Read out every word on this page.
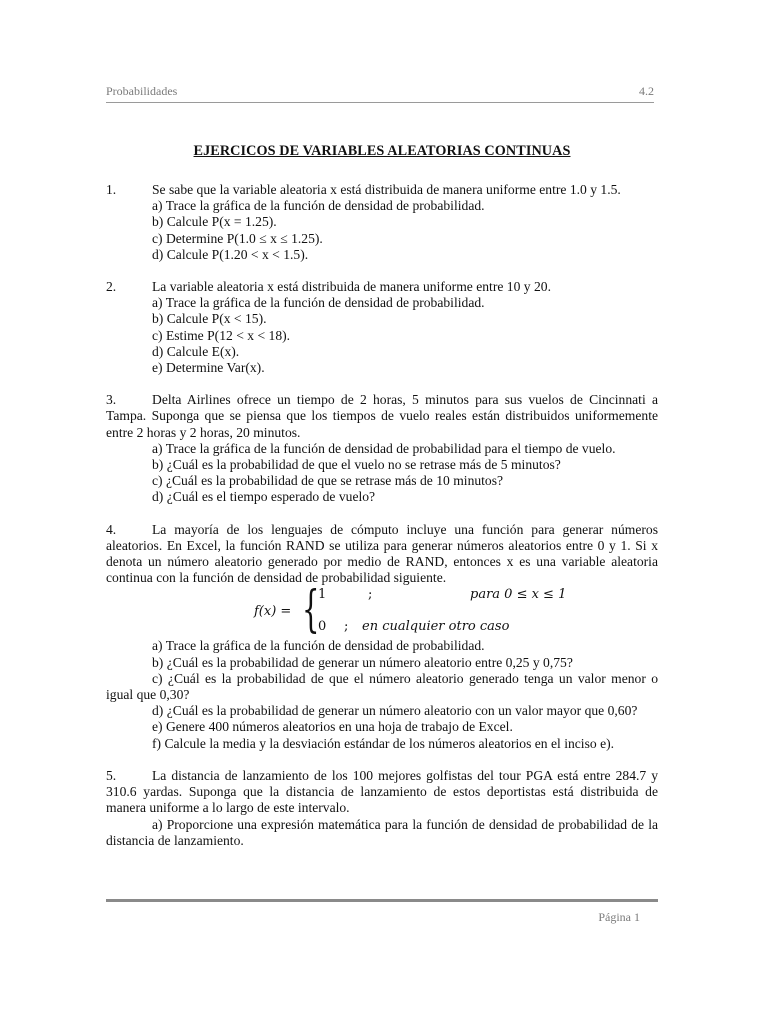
Probabilidades	4.2
EJERCICOS DE VARIABLES ALEATORIAS CONTINUAS

1.	Se sabe que la variable aleatoria x está distribuida de manera uniforme entre 1.0 y 1.5.

a) Trace la gráfica de la función de densidad de probabilidad.

b) Calcule P(x = 1.25).

c) Determine P(1.0 ≤ x ≤ 1.25).

d) Calcule P(1.20 < x < 1.5).

2.	La variable aleatoria x está distribuida de manera uniforme entre 10 y 20.

a) Trace la gráfica de la función de densidad de probabilidad.

b) Calcule P(x < 15).

c) Estime P(12 < x < 18).

d) Calcule E(x).

e) Determine Var(x).

3.	Delta Airlines ofrece un tiempo de 2 horas, 5 minutos para sus vuelos de Cincinnati a Tampa. Suponga que se piensa que los tiempos de vuelo reales están distribuidos uniformemente entre 2 horas y 2 horas, 20 minutos.

a) Trace la gráfica de la función de densidad de probabilidad para el tiempo de vuelo.

b) ¿Cuál es la probabilidad de que el vuelo no se retrase más de 5 minutos?

c) ¿Cuál es la probabilidad de que se retrase más de 10 minutos?

d) ¿Cuál es el tiempo esperado de vuelo?

4.	La mayoría de los lenguajes de cómputo incluye una función para generar números aleatorios. En Excel, la función RAND se utiliza para generar números aleatorios entre 0 y 1. Si x denota un número aleatorio generado por medio de RAND, entonces x es una variable aleatoria continua con la función de densidad de probabilidad siguiente.

f(x) = {
1	;	para 0 ≤ x ≤ 1
0 ; en cualquier otro caso

a) Trace la gráfica de la función de densidad de probabilidad.

b) ¿Cuál es la probabilidad de generar un número aleatorio entre 0,25 y 0,75?

c) ¿Cuál es la probabilidad de que el número aleatorio generado tenga un valor menor o igual que 0,30?

d) ¿Cuál es la probabilidad de generar un número aleatorio con un valor mayor que 0,60?

e) Genere 400 números aleatorios en una hoja de trabajo de Excel.

f) Calcule la media y la desviación estándar de los números aleatorios en el inciso e).

5.	La distancia de lanzamiento de los 100 mejores golfistas del tour PGA está entre 284.7 y 310.6 yardas. Suponga que la distancia de lanzamiento de estos deportistas está distribuida de manera uniforme a lo largo de este intervalo.

a) Proporcione una expresión matemática para la función de densidad de probabilidad de la distancia de lanzamiento.

Página 1
